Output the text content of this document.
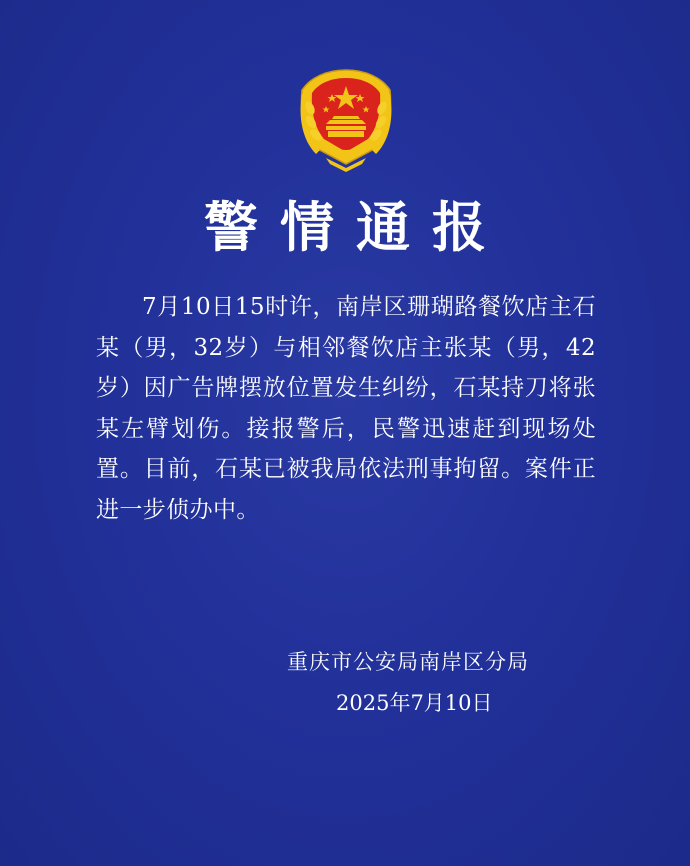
警情通报
7月10日15时许，南岸区珊瑚路餐饮店主石某（男，32岁）与相邻餐饮店主张某（男，42岁）因广告牌摆放位置发生纠纷，石某持刀将张某左臂划伤。接报警后，民警迅速赶到现场处置。目前，石某已被我局依法刑事拘留。案件正进一步侦办中。
重庆市公安局南岸区分局
2025年7月10日
